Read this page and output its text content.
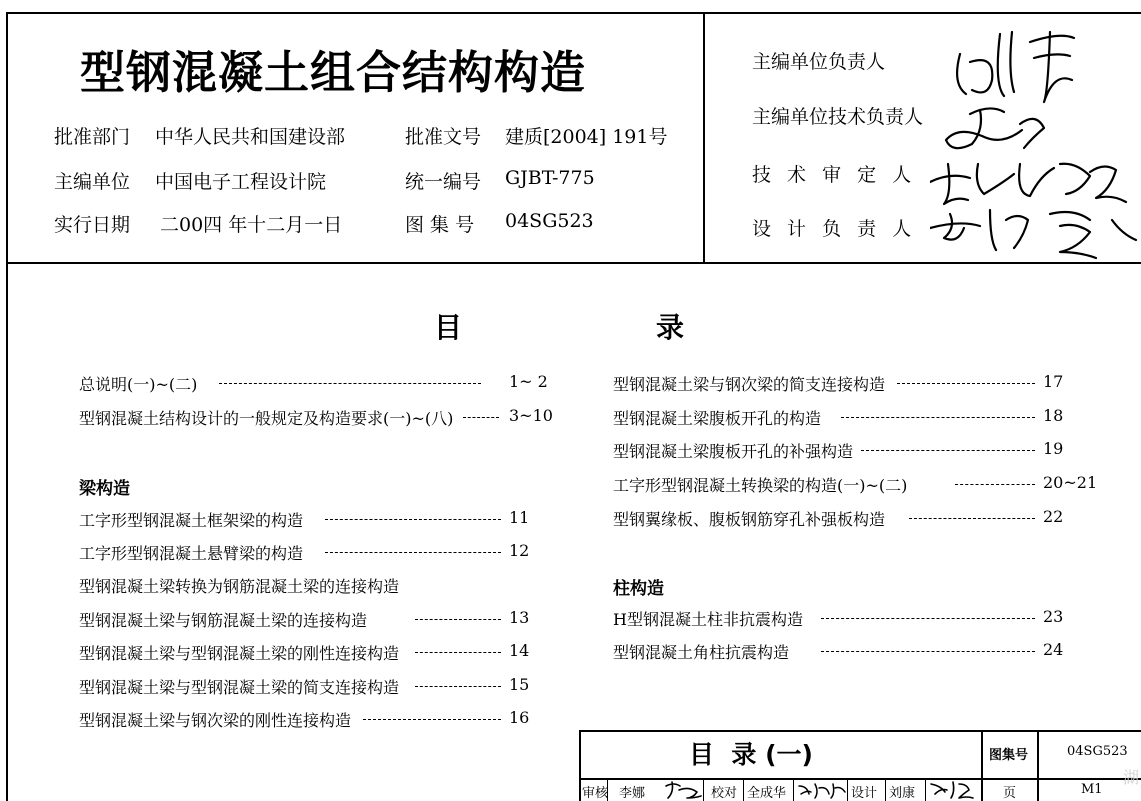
型钢混凝土组合结构构造
批准部门 中华人民共和国建设部	批准文号 建质[2004] 191号
主编单位 中国电子工程设计院	统一编号 GJBT-775
实行日期 二00四 年十二月一日	图 集 号 04SG523
主编单位负责人
主编单位技术负责人
技 术 审 定 人
设 计 负 责 人
目	录
总说明(一)~(二)	1~ 2
型钢混凝土结构设计的一般规定及构造要求(一)~(八)	3~10
梁构造
工字形型钢混凝土框架梁的构造	11
工字形型钢混凝土悬臂梁的构造	12
型钢混凝土梁转换为钢筋混凝土梁的连接构造
型钢混凝土梁与钢筋混凝土梁的连接构造	13
型钢混凝土梁与型钢混凝土梁的刚性连接构造	14
型钢混凝土梁与型钢混凝土梁的简支连接构造	15
型钢混凝土梁与钢次梁的刚性连接构造	16
型钢混凝土梁与钢次梁的简支连接构造	17
型钢混凝土梁腹板开孔的构造	18
型钢混凝土梁腹板开孔的补强构造	19
工字形型钢混凝土转换梁的构造(一)~(二)	20~21
型钢翼缘板、腹板钢筋穿孔补强板构造	22
柱构造
H型钢混凝土柱非抗震构造	23
型钢混凝土角柱抗震构造	24
目  录 (一)	图集号	04SG523
审核 李娜	校对 全成华	设计 刘康	页	M1
湖
